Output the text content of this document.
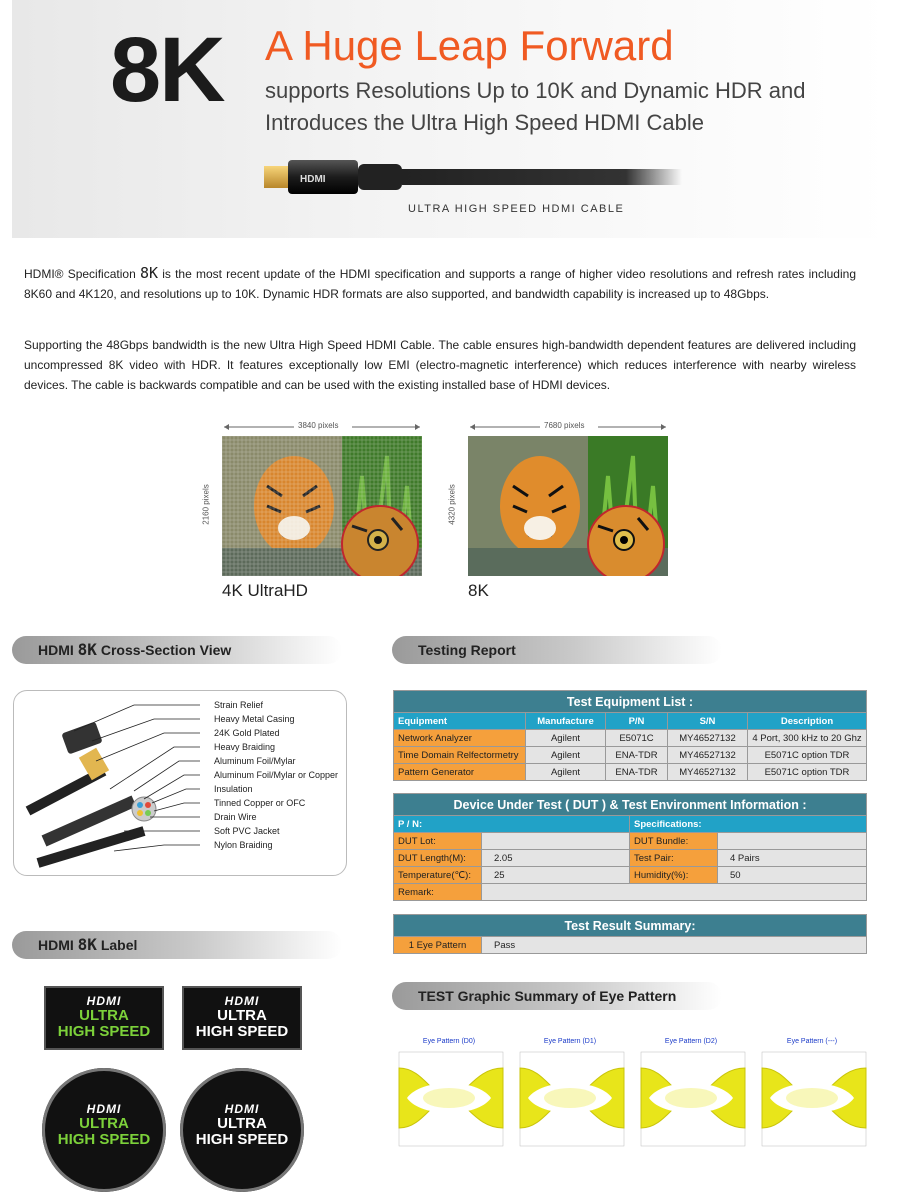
8K A Huge Leap Forward
supports Resolutions Up to 10K and Dynamic HDR and
Introduces the Ultra High Speed HDMI Cable
HDMI
ULTRA HIGH SPEED HDMI CABLE
HDMI® Specification 8K is the most recent update of the HDMI specification and supports a range of higher video resolutions and refresh rates including 8K60 and 4K120, and resolutions up to 10K. Dynamic HDR formats are also supported, and bandwidth capability is increased up to 48Gbps.
Supporting the 48Gbps bandwidth is the new Ultra High Speed HDMI Cable. The cable ensures high-bandwidth dependent features are delivered including uncompressed 8K video with HDR. It features exceptionally low EMI (electro-magnetic interference) which reduces interference with nearby wireless devices. The cable is backwards compatible and can be used with the existing installed base of HDMI devices.
3840 pixels	7680 pixels
2160 pixels	4320 pixels
4K UltraHD	8K
HDMI 8K Cross-Section View
Strain Relief
Heavy Metal Casing
24K Gold Plated
Heavy Braiding
Aluminum Foil/Mylar
Aluminum Foil/Mylar or Copper
Insulation
Tinned Copper or OFC
Drain Wire
Soft PVC Jacket
Nylon Braiding
Testing Report
Test Equipment List :				
Equipment	Manufacture	P/N	S/N	Description
Network Analyzer	Agilent	E5071C	MY46527132	4 Port, 300 kHz to 20 Ghz
Time Domain Relfectormetry	Agilent	ENA-TDR	MY46527132	E5071C option TDR
Pattern Generator	Agilent	ENA-TDR	MY46527132	E5071C option TDR
Device Under Test ( DUT ) & Test Environment Information :			
P / N:		Specifications:	
DUT Lot:		DUT Bundle:	
DUT Length(M):	2.05	Test Pair:	4 Pairs
Temperature(℃):	25	Humidity(%):	50
Remark:			
Test Result Summary:
1 Eye Pattern	Pass
HDMI 8K Label
HDMI
ULTRA
HIGH SPEED
HDMI
ULTRA
HIGH SPEED
HDMI
ULTRA
HIGH SPEED
HDMI
ULTRA
HIGH SPEED
TEST Graphic Summary of Eye Pattern
Eye Pattern (D0)	Eye Pattern (D1)	Eye Pattern (D2)	Eye Pattern (---)
